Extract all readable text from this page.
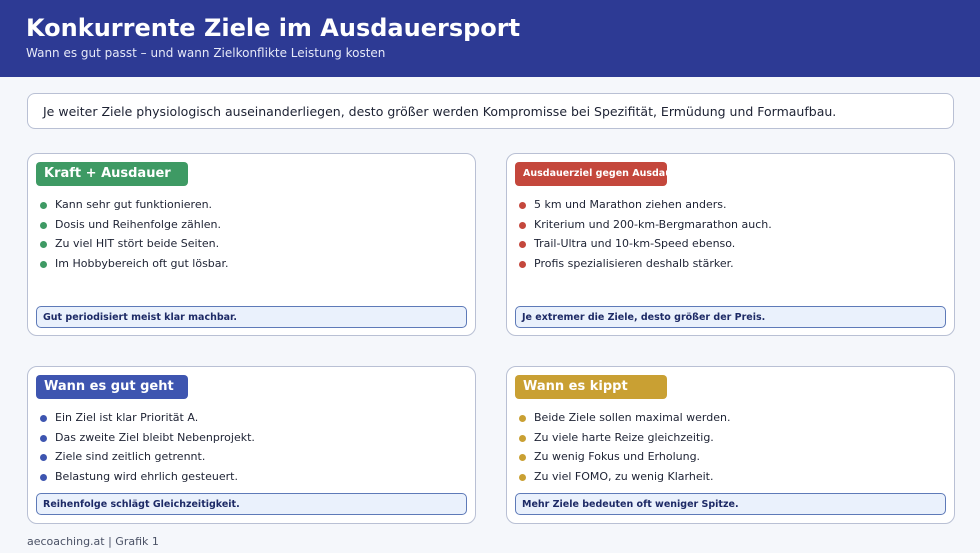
Konkurrente Ziele im Ausdauersport
Wann es gut passt – und wann Zielkonflikte Leistung kosten
Je weiter Ziele physiologisch auseinanderliegen, desto größer werden Kompromisse bei Spezifität, Ermüdung und Formaufbau.
Kraft + Ausdauer
Kann sehr gut funktionieren.
Dosis und Reihenfolge zählen.
Zu viel HIT stört beide Seiten.
Im Hobbybereich oft gut lösbar.
Gut periodisiert meist klar machbar.
Ausdauerziel gegen Ausdauerziel
5 km und Marathon ziehen anders.
Kriterium und 200-km-Bergmarathon auch.
Trail-Ultra und 10-km-Speed ebenso.
Profis spezialisieren deshalb stärker.
Je extremer die Ziele, desto größer der Preis.
Wann es gut geht
Ein Ziel ist klar Priorität A.
Das zweite Ziel bleibt Nebenprojekt.
Ziele sind zeitlich getrennt.
Belastung wird ehrlich gesteuert.
Reihenfolge schlägt Gleichzeitigkeit.
Wann es kippt
Beide Ziele sollen maximal werden.
Zu viele harte Reize gleichzeitig.
Zu wenig Fokus und Erholung.
Zu viel FOMO, zu wenig Klarheit.
Mehr Ziele bedeuten oft weniger Spitze.
aecoaching.at | Grafik 1
